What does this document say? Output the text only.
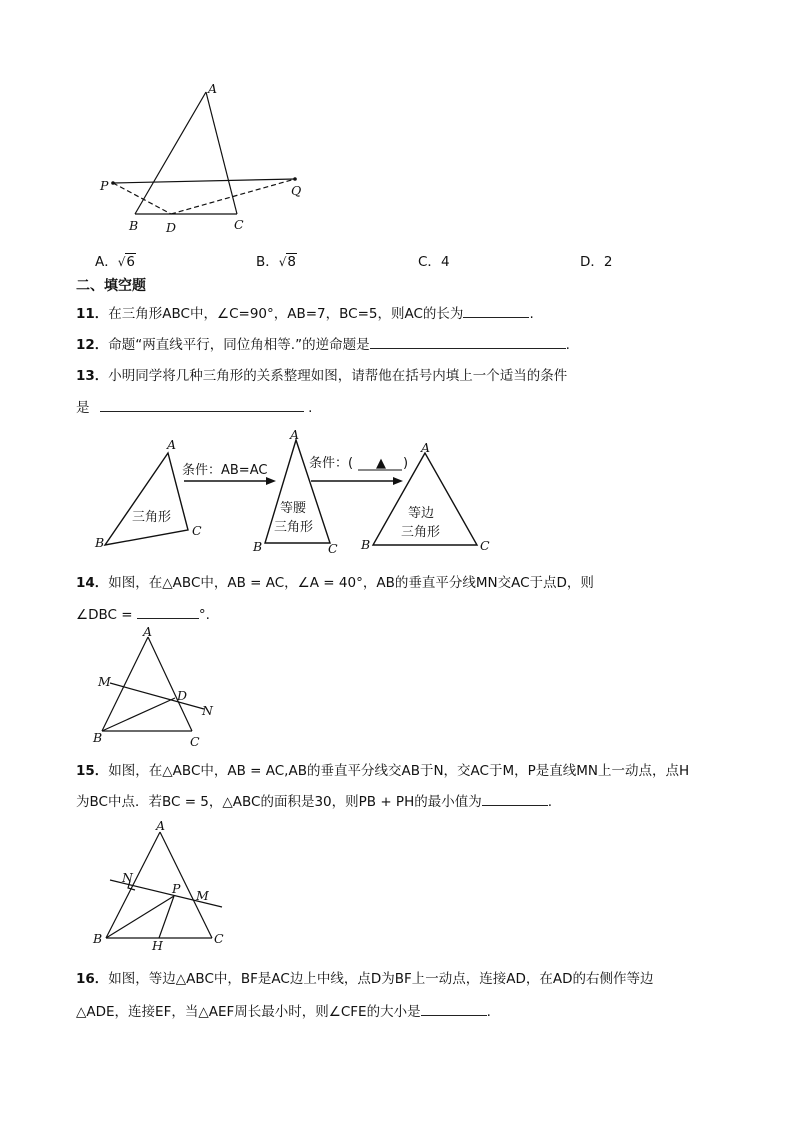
A
P	Q
B D	C
A．√6	B．√8	C．4	D．2
二、填空题
11．在三角形ABC中，∠C=90°，AB=7，BC=5，则AC的长为	.
12．命题“两直线平行，同位角相等.”的逆命题是	.
13．小明同学将几种三角形的关系整理如图，请帮他在括号内填上一个适当的条件
是	.
条件：AB=AC	条件：( ▲ )
三角形
等腰
三角形
等边
三角形
A
B
C
A
B	C
A
B	C
14．如图，在△ABC中，AB = AC，∠A = 40°，AB的垂直平分线MN交AC于点D，则
∠DBC =	°.
A
M
D
N
B	C
15．如图，在△ABC中，AB = AC,AB的垂直平分线交AB于N，交AC于M，P是直线MN上一动点，点H
为BC中点．若BC = 5，△ABC的面积是30，则PB + PH的最小值为	.
A
N
P M
B	H	C
16．如图，等边△ABC中，BF是AC边上中线，点D为BF上一动点，连接AD，在AD的右侧作等边
△ADE，连接EF，当△AEF周长最小时，则∠CFE的大小是	.
